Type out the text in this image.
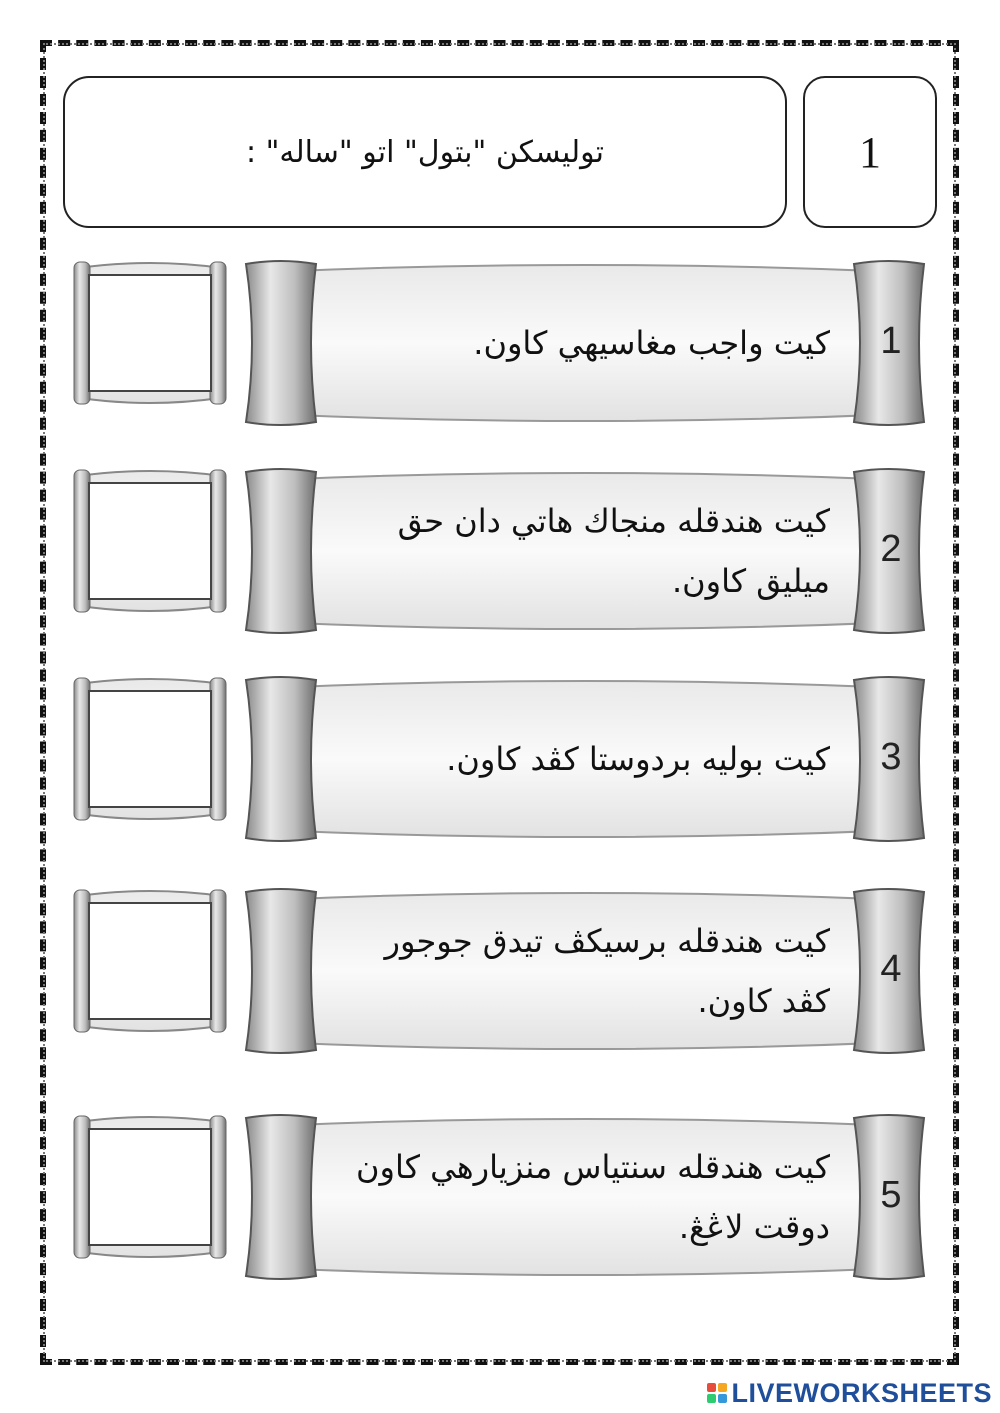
توليسكن "بتول" اتو "ساله" :	1
كيت واجب مغاسيهي كاون.	1
كيت هندقله منجاك هاتي دان حق ميليق كاون.
2
كيت بوليه بردوستا كڤد كاون.	3
كيت هندقله برسيكڤ تيدق جوجور كڤد كاون.
4
كيت هندقله سنتياس منزيارهي كاون دوقت لاڠڠ.
5
LIVEWORKSHEETS
